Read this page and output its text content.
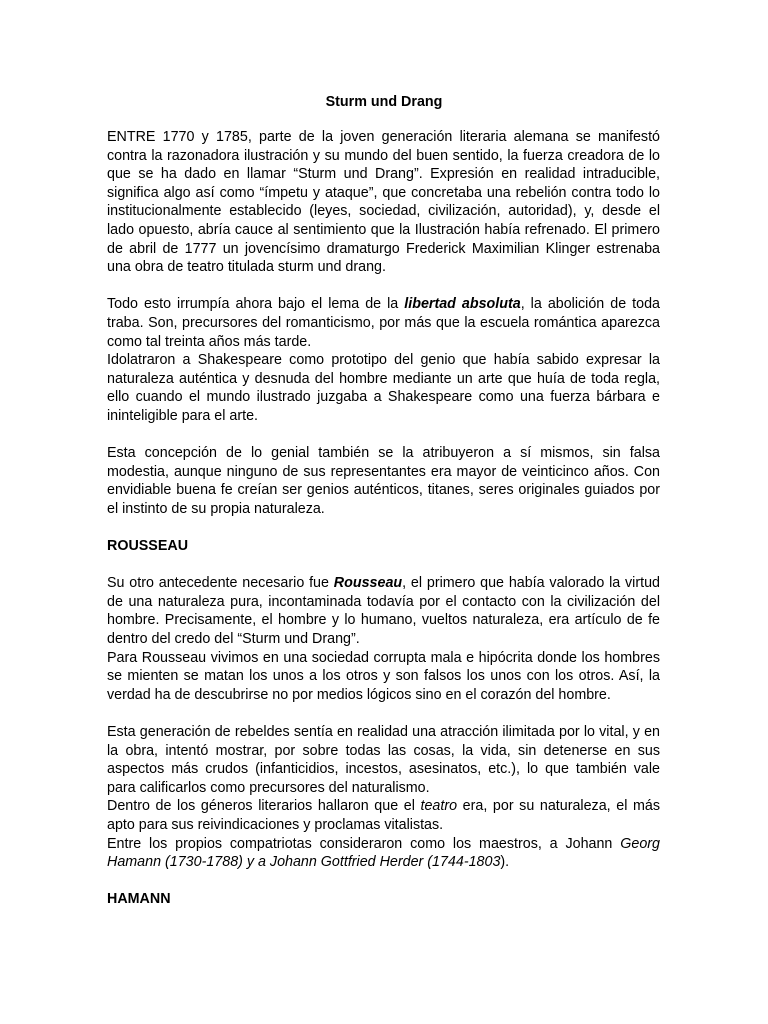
Sturm und Drang

ENTRE 1770 y 1785, parte de la joven generación literaria alemana se manifestó contra la razonadora ilustración y su mundo del buen sentido, la fuerza creadora de lo que se ha dado en llamar “Sturm und Drang”. Expresión en realidad intraducible, significa algo así como “ímpetu y ataque”, que concretaba una rebelión contra todo lo institucionalmente establecido (leyes, sociedad, civilización, autoridad), y, desde el lado opuesto, abría cauce al sentimiento que la Ilustración había refrenado. El primero de abril de 1777 un jovencísimo dramaturgo Frederick Maximilian Klinger estrenaba una obra de teatro titulada sturm und drang.

Todo esto irrumpía ahora bajo el lema de la libertad absoluta, la abolición de toda traba. Son, precursores del romanticismo, por más que la escuela romántica aparezca como tal treinta años más tarde.

Idolatraron a Shakespeare como prototipo del genio que había sabido expresar la naturaleza auténtica y desnuda del hombre mediante un arte que huía de toda regla, ello cuando el mundo ilustrado juzgaba a Shakespeare como una fuerza bárbara e ininteligible para el arte.

Esta concepción de lo genial también se la atribuyeron a sí mismos, sin falsa modestia, aunque ninguno de sus representantes era mayor de veinticinco años. Con envidiable buena fe creían ser genios auténticos, titanes, seres originales guiados por el instinto de su propia naturaleza.

ROUSSEAU

Su otro antecedente necesario fue Rousseau, el primero que había valorado la virtud de una naturaleza pura, incontaminada todavía por el contacto con la civilización del hombre. Precisamente, el hombre y lo humano, vueltos naturaleza, era artículo de fe dentro del credo del “Sturm und Drang”.

Para Rousseau vivimos en una sociedad corrupta mala e hipócrita donde los hombres se mienten se matan los unos a los otros y son falsos los unos con los otros. Así, la verdad ha de descubrirse no por medios lógicos sino en el corazón del hombre.

Esta generación de rebeldes sentía en realidad una atracción ilimitada por lo vital, y en la obra, intentó mostrar, por sobre todas las cosas, la vida, sin detenerse en sus aspectos más crudos (infanticidios, incestos, asesinatos, etc.), lo que también vale para calificarlos como precursores del naturalismo.

Dentro de los géneros literarios hallaron que el teatro era, por su naturaleza, el más apto para sus reivindicaciones y proclamas vitalistas.

Entre los propios compatriotas consideraron como los maestros, a Johann Georg Hamann (1730-1788) y a Johann Gottfried Herder (1744-1803).

HAMANN
